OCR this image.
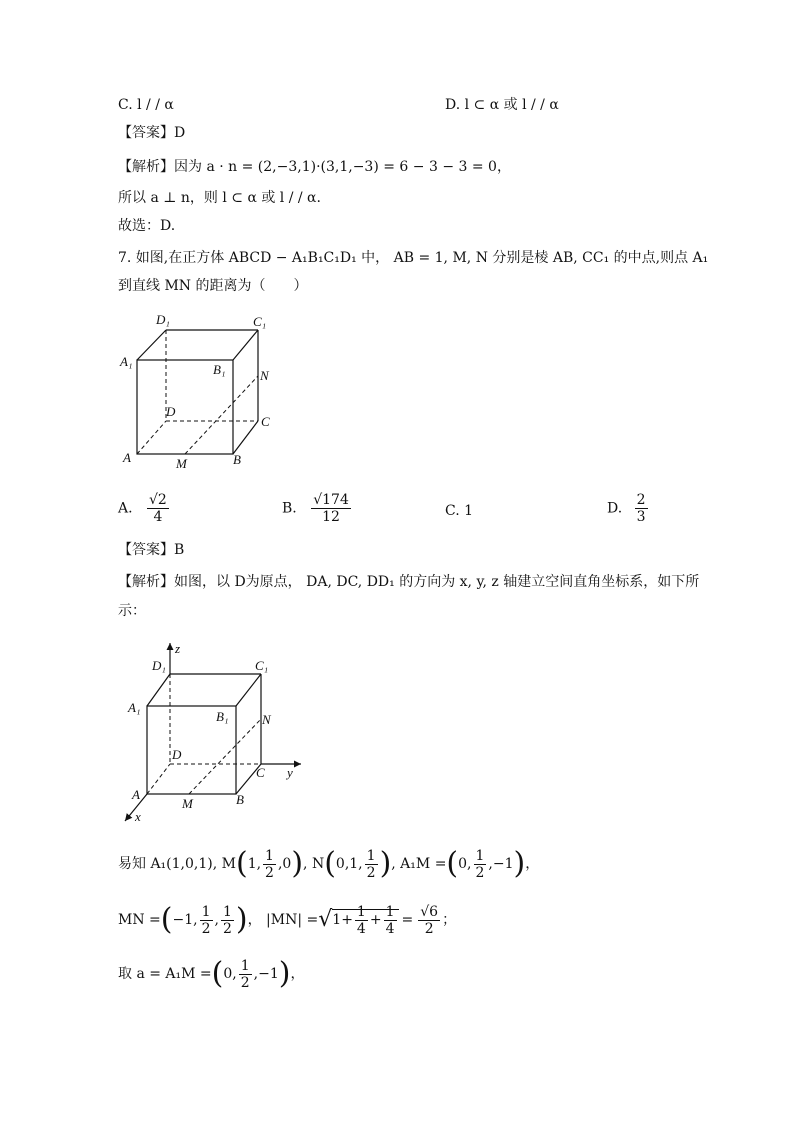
C. l / / α	D. l ⊂ α 或 l / / α
【答案】D
【解析】因为 a · n = (2,−3,1)·(3,1,−3) = 6 − 3 − 3 = 0，
所以 a ⊥ n，则 l ⊂ α 或 l / / α.
故选：D.
7. 如图,在正方体 ABCD − A₁B₁C₁D₁ 中， AB = 1, M, N 分别是棱 AB, CC₁ 的中点,则点 A₁
到直线 MN 的距离为（　　）
D₁	C₁
A₁
B₁	N
D
C
A	M	B
A. $\frac{√2}{4}$	B. $\frac{√174}{12}$	C. 1	D. $\frac{2}{3}$
【答案】B
【解析】如图，以 D为原点， DA, DC, DD₁ 的方向为 x, y, z 轴建立空间直角坐标系，如下所
示：
z
y
x
D₁	C₁
A₁
B₁	N
D
C
A
M	B
易知 A₁(1,0,1), M(1, $\frac{1}{2} ,0$), N(0,1, $\frac{1}{2}$ ), A₁M =(0, $\frac{1}{2} ,-1$)，
MN =(−1, $\frac{1}{2}$ , $\frac{1}{2}$ )， $|MN| =√1+ \frac{1}{4} + \frac{1}{4} = \frac{√6}{2}$ ；
取 a = A₁M =(0, $\frac{1}{2} ,-1$)，
